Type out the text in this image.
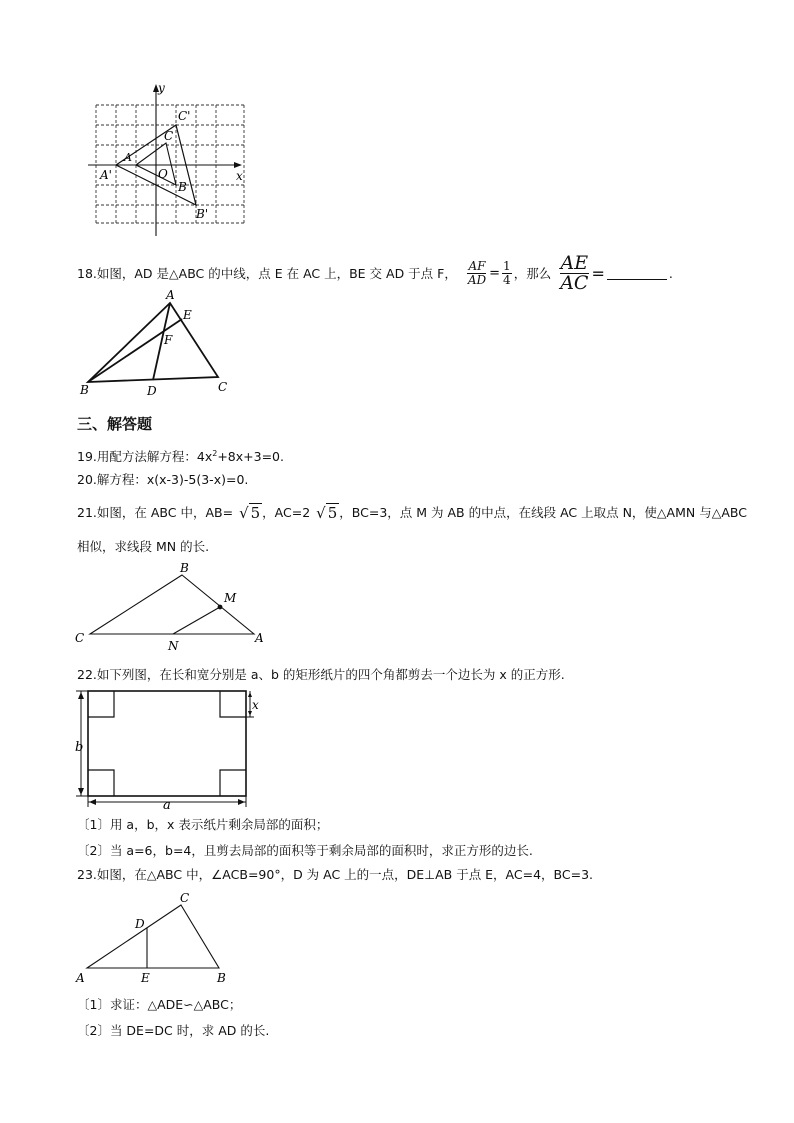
y
x
C'
C
A
A'	O
B
B'
18.如图，AD 是△ABC 的中线，点 E 在 AC 上，BE 交 AD 于点 F， $\frac{AF}{AD} = \frac{1}{4}$ ，那么 $\frac{AE}{AC}$ =	.
A
E
F
B	D	C
三、解答题
19.用配方法解方程：$4x^2+8x+3=0$.
20.解方程：x(x-3)-5(3-x)=0.
21.如图，在 ABC 中，AB= √ 5 ，AC=2 √ 5 ，BC=3，点 M 为 AB 的中点，在线段 AC 上取点 N，使△AMN 与△ABC
相似，求线段 MN 的长.
B
M
C
N
A
22.如下列图，在长和宽分别是 a、b 的矩形纸片的四个角都剪去一个边长为 x 的正方形.
b
x
a
〔1〕用 a，b，x 表示纸片剩余局部的面积；
〔2〕当 a=6，b=4，且剪去局部的面积等于剩余局部的面积时，求正方形的边长.
23.如图，在△ABC 中，∠ACB=90°，D 为 AC 上的一点，DE⊥AB 于点 E，AC=4，BC=3.
C
D
A	E	B
〔1〕求证：△ADE∽△ABC；
〔2〕当 DE=DC 时，求 AD 的长.
